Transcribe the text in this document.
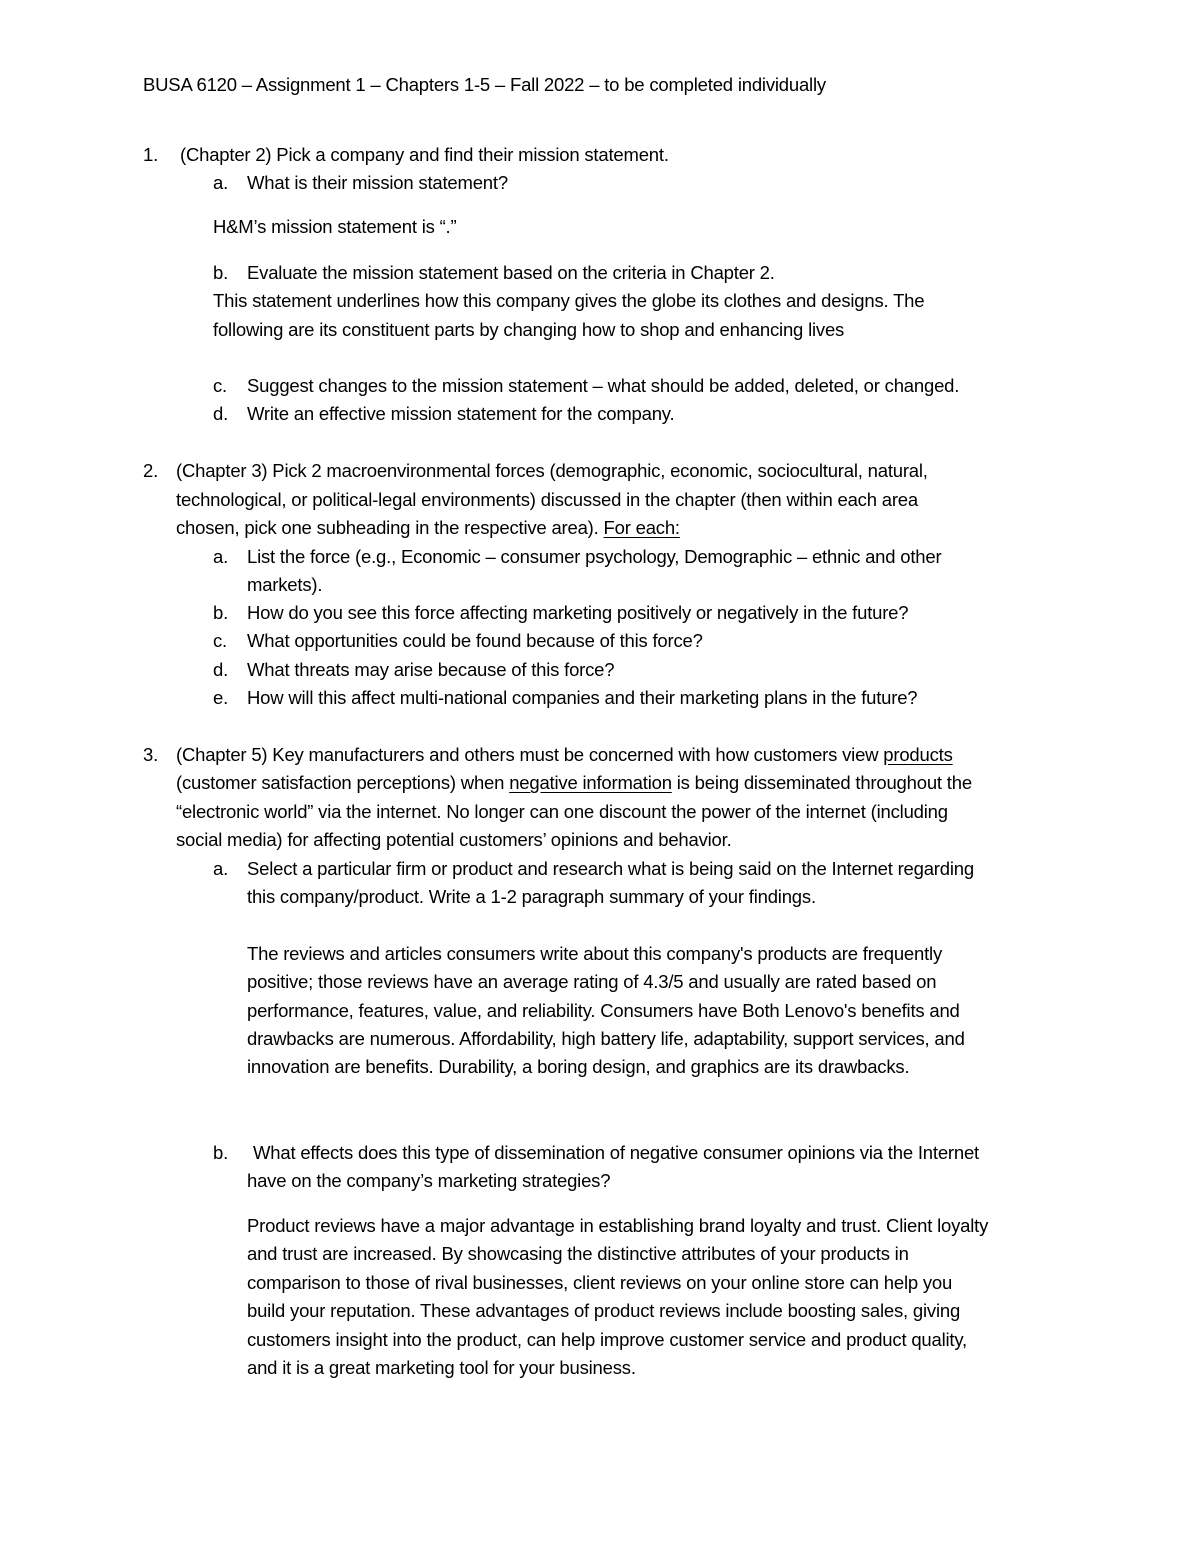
BUSA 6120 – Assignment 1 – Chapters 1-5 – Fall 2022 – to be completed individually
1. (Chapter 2) Pick a company and find their mission statement.
a. What is their mission statement?
H&M’s mission statement is “.”
b. Evaluate the mission statement based on the criteria in Chapter 2.
This statement underlines how this company gives the globe its clothes and designs. The
following are its constituent parts by changing how to shop and enhancing lives
c. Suggest changes to the mission statement – what should be added, deleted, or changed.
d. Write an effective mission statement for the company.
2. (Chapter 3) Pick 2 macroenvironmental forces (demographic, economic, sociocultural, natural,
technological, or political-legal environments) discussed in the chapter (then within each area
chosen, pick one subheading in the respective area). For each:
a. List the force (e.g., Economic – consumer psychology, Demographic – ethnic and other
markets).
b. How do you see this force affecting marketing positively or negatively in the future?
c. What opportunities could be found because of this force?
d. What threats may arise because of this force?
e. How will this affect multi-national companies and their marketing plans in the future?
3. (Chapter 5) Key manufacturers and others must be concerned with how customers view products
(customer satisfaction perceptions) when negative information is being disseminated throughout the
“electronic world” via the internet. No longer can one discount the power of the internet (including
social media) for affecting potential customers’ opinions and behavior.
a. Select a particular firm or product and research what is being said on the Internet regarding
this company/product. Write a 1-2 paragraph summary of your findings.
The reviews and articles consumers write about this company's products are frequently
positive; those reviews have an average rating of 4.3/5 and usually are rated based on
performance, features, value, and reliability. Consumers have Both Lenovo's benefits and
drawbacks are numerous. Affordability, high battery life, adaptability, support services, and
innovation are benefits. Durability, a boring design, and graphics are its drawbacks.
b. What effects does this type of dissemination of negative consumer opinions via the Internet
have on the company’s marketing strategies?
Product reviews have a major advantage in establishing brand loyalty and trust. Client loyalty
and trust are increased. By showcasing the distinctive attributes of your products in
comparison to those of rival businesses, client reviews on your online store can help you
build your reputation. These advantages of product reviews include boosting sales, giving
customers insight into the product, can help improve customer service and product quality,
and it is a great marketing tool for your business.
